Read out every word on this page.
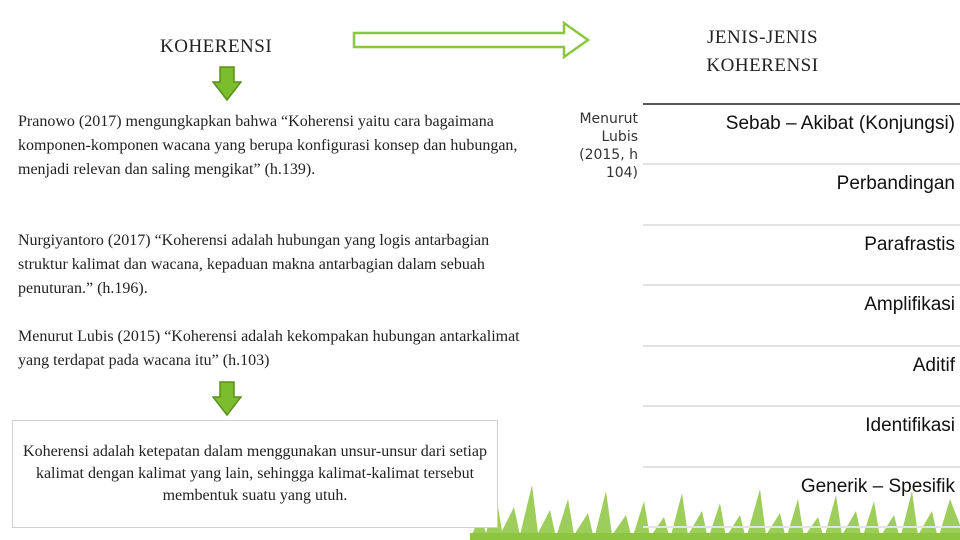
KOHERENSI	JENIS-JENIS
KOHERENSI
Pranowo (2017) mengungkapkan bahwa “Koherensi yaitu cara bagaimana komponen-komponen wacana yang berupa konfigurasi konsep dan hubungan, menjadi relevan dan saling mengikat” (h.139).
Nurgiyantoro (2017) “Koherensi adalah hubungan yang logis antarbagian struktur kalimat dan wacana, kepaduan makna antarbagian dalam sebuah penuturan.” (h.196).
Menurut Lubis (2015) “Koherensi adalah kekompakan hubungan antarkalimat yang terdapat pada wacana itu” (h.103)
Koherensi adalah ketepatan dalam menggunakan unsur-unsur dari setiap kalimat dengan kalimat yang lain, sehingga kalimat-kalimat tersebut membentuk suatu yang utuh.
Menurut
Lubis
(2015, h
104)
Sebab – Akibat (Konjungsi)
Perbandingan
Parafrastis
Amplifikasi
Aditif
Identifikasi
Generik – Spesifik
